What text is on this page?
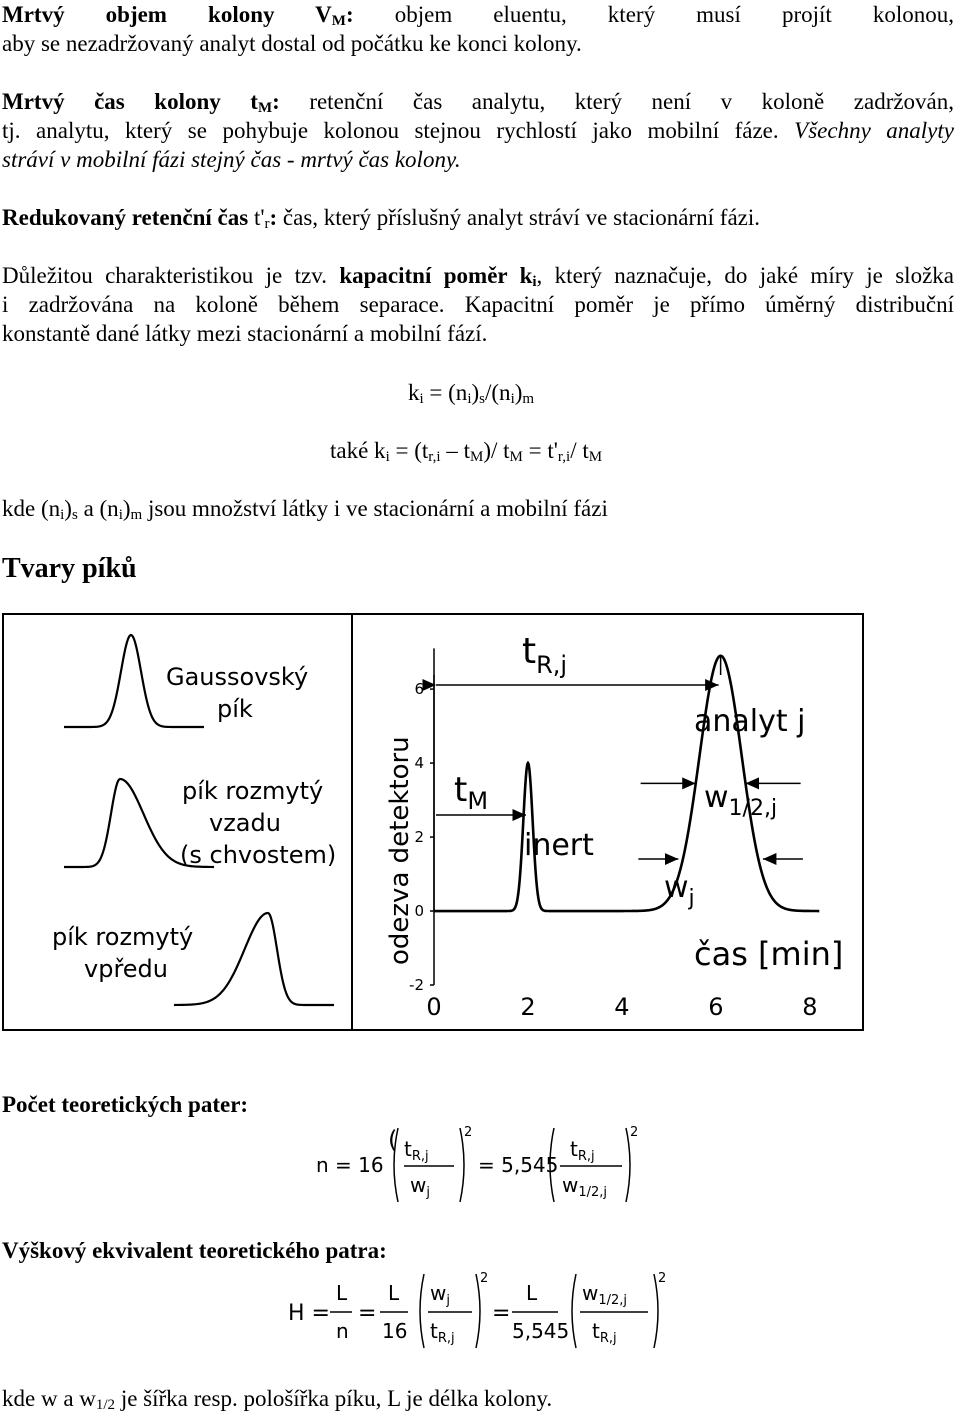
Mrtvý objem kolony $V_M$: objem eluentu, který musí projít kolonou,
aby se nezadržovaný analyt dostal od počátku ke konci kolony.
Mrtvý čas kolony $t_M$: retenční čas analytu, který není v koloně zadržován,
tj. analytu, který se pohybuje kolonou stejnou rychlostí jako mobilní fáze. Všechny analyty
stráví v mobilní fázi stejný čas - mrtvý čas kolony.
Redukovaný retenční čas $t'_r$: čas, který příslušný analyt stráví ve stacionární fázi.
Důležitou charakteristikou je tzv. kapacitní poměr $k_i$, který naznačuje, do jaké míry je složka
i zadržována na koloně během separace. Kapacitní poměr je přímo úměrný distribuční
konstantě dané látky mezi stacionární a mobilní fází.
$k_i = (n_i)_s/(n_i)_m$
také $k_i = (t_{r,i} - t_M)/$ $t_M = t'_{r,i}/$ $t_M$
kde $(n_i)_s$ a $(n_i)_m$ jsou množství látky i ve stacionární a mobilní fázi
Tvary píků
Gaussovský
pík
pík rozmytý
vzadu
(s chvostem)
pík rozmytý
vpředu
-2
0
2
4
6
0	2	4	6	8
odezva detektoru	čas [min]
$t_{R,j}$
$t_M$
inert
analyt j
$w_{1/2,j}$
$w_j$
Počet teoretických pater:
n = 16
( $t_{R,j}$
$w_j$
2
= 5,545
$t_{R,j}$
$w_{1/2,j}$
2
Výškový ekvivalent teoretického patra:
H =
L
n
=
L
16
$w_j$
$t_{R,j}$
2
=
L
5,545
$w_{1/2,j}$
$t_{R,j}$
2
kde w a $w_{1/2}$ je šířka resp. pološířka píku, L je délka kolony.
